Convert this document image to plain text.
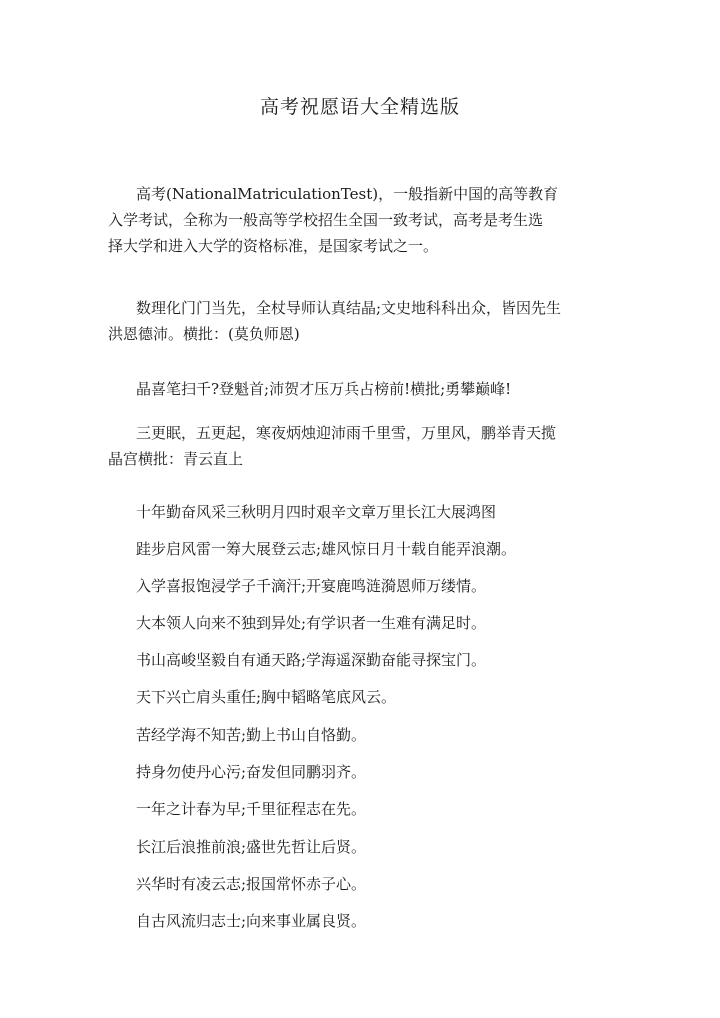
高考祝愿语大全精选版
高考(NationalMatriculationTest)，一般指新中国的高等教育
入学考试，全称为一般高等学校招生全国一致考试，高考是考生选
择大学和进入大学的资格标准，是国家考试之一。
数理化门门当先，全杖导师认真结晶;文史地科科出众，皆因先生
洪恩德沛。横批：(莫负师恩)
晶喜笔扫千?登魁首;沛贺才压万兵占榜前!横批;勇攀巅峰!
三更眠，五更起，寒夜炳烛迎沛雨千里雪，万里风，鹏举青天揽
晶宫横批：青云直上
十年勤奋风采三秋明月四时艰辛文章万里长江大展鸿图
跬步启风雷一筹大展登云志;雄风惊日月十载自能弄浪潮。
入学喜报饱浸学子千滴汗;开宴鹿鸣涟漪恩师万缕情。
大本领人向来不独到异处;有学识者一生难有满足时。
书山高峻坚毅自有通天路;学海遥深勤奋能寻探宝门。
天下兴亡肩头重任;胸中韬略笔底风云。
苦经学海不知苦;勤上书山自恪勤。
持身勿使丹心污;奋发但同鹏羽齐。
一年之计春为早;千里征程志在先。
长江后浪推前浪;盛世先哲让后贤。
兴华时有凌云志;报国常怀赤子心。
自古风流归志士;向来事业属良贤。
